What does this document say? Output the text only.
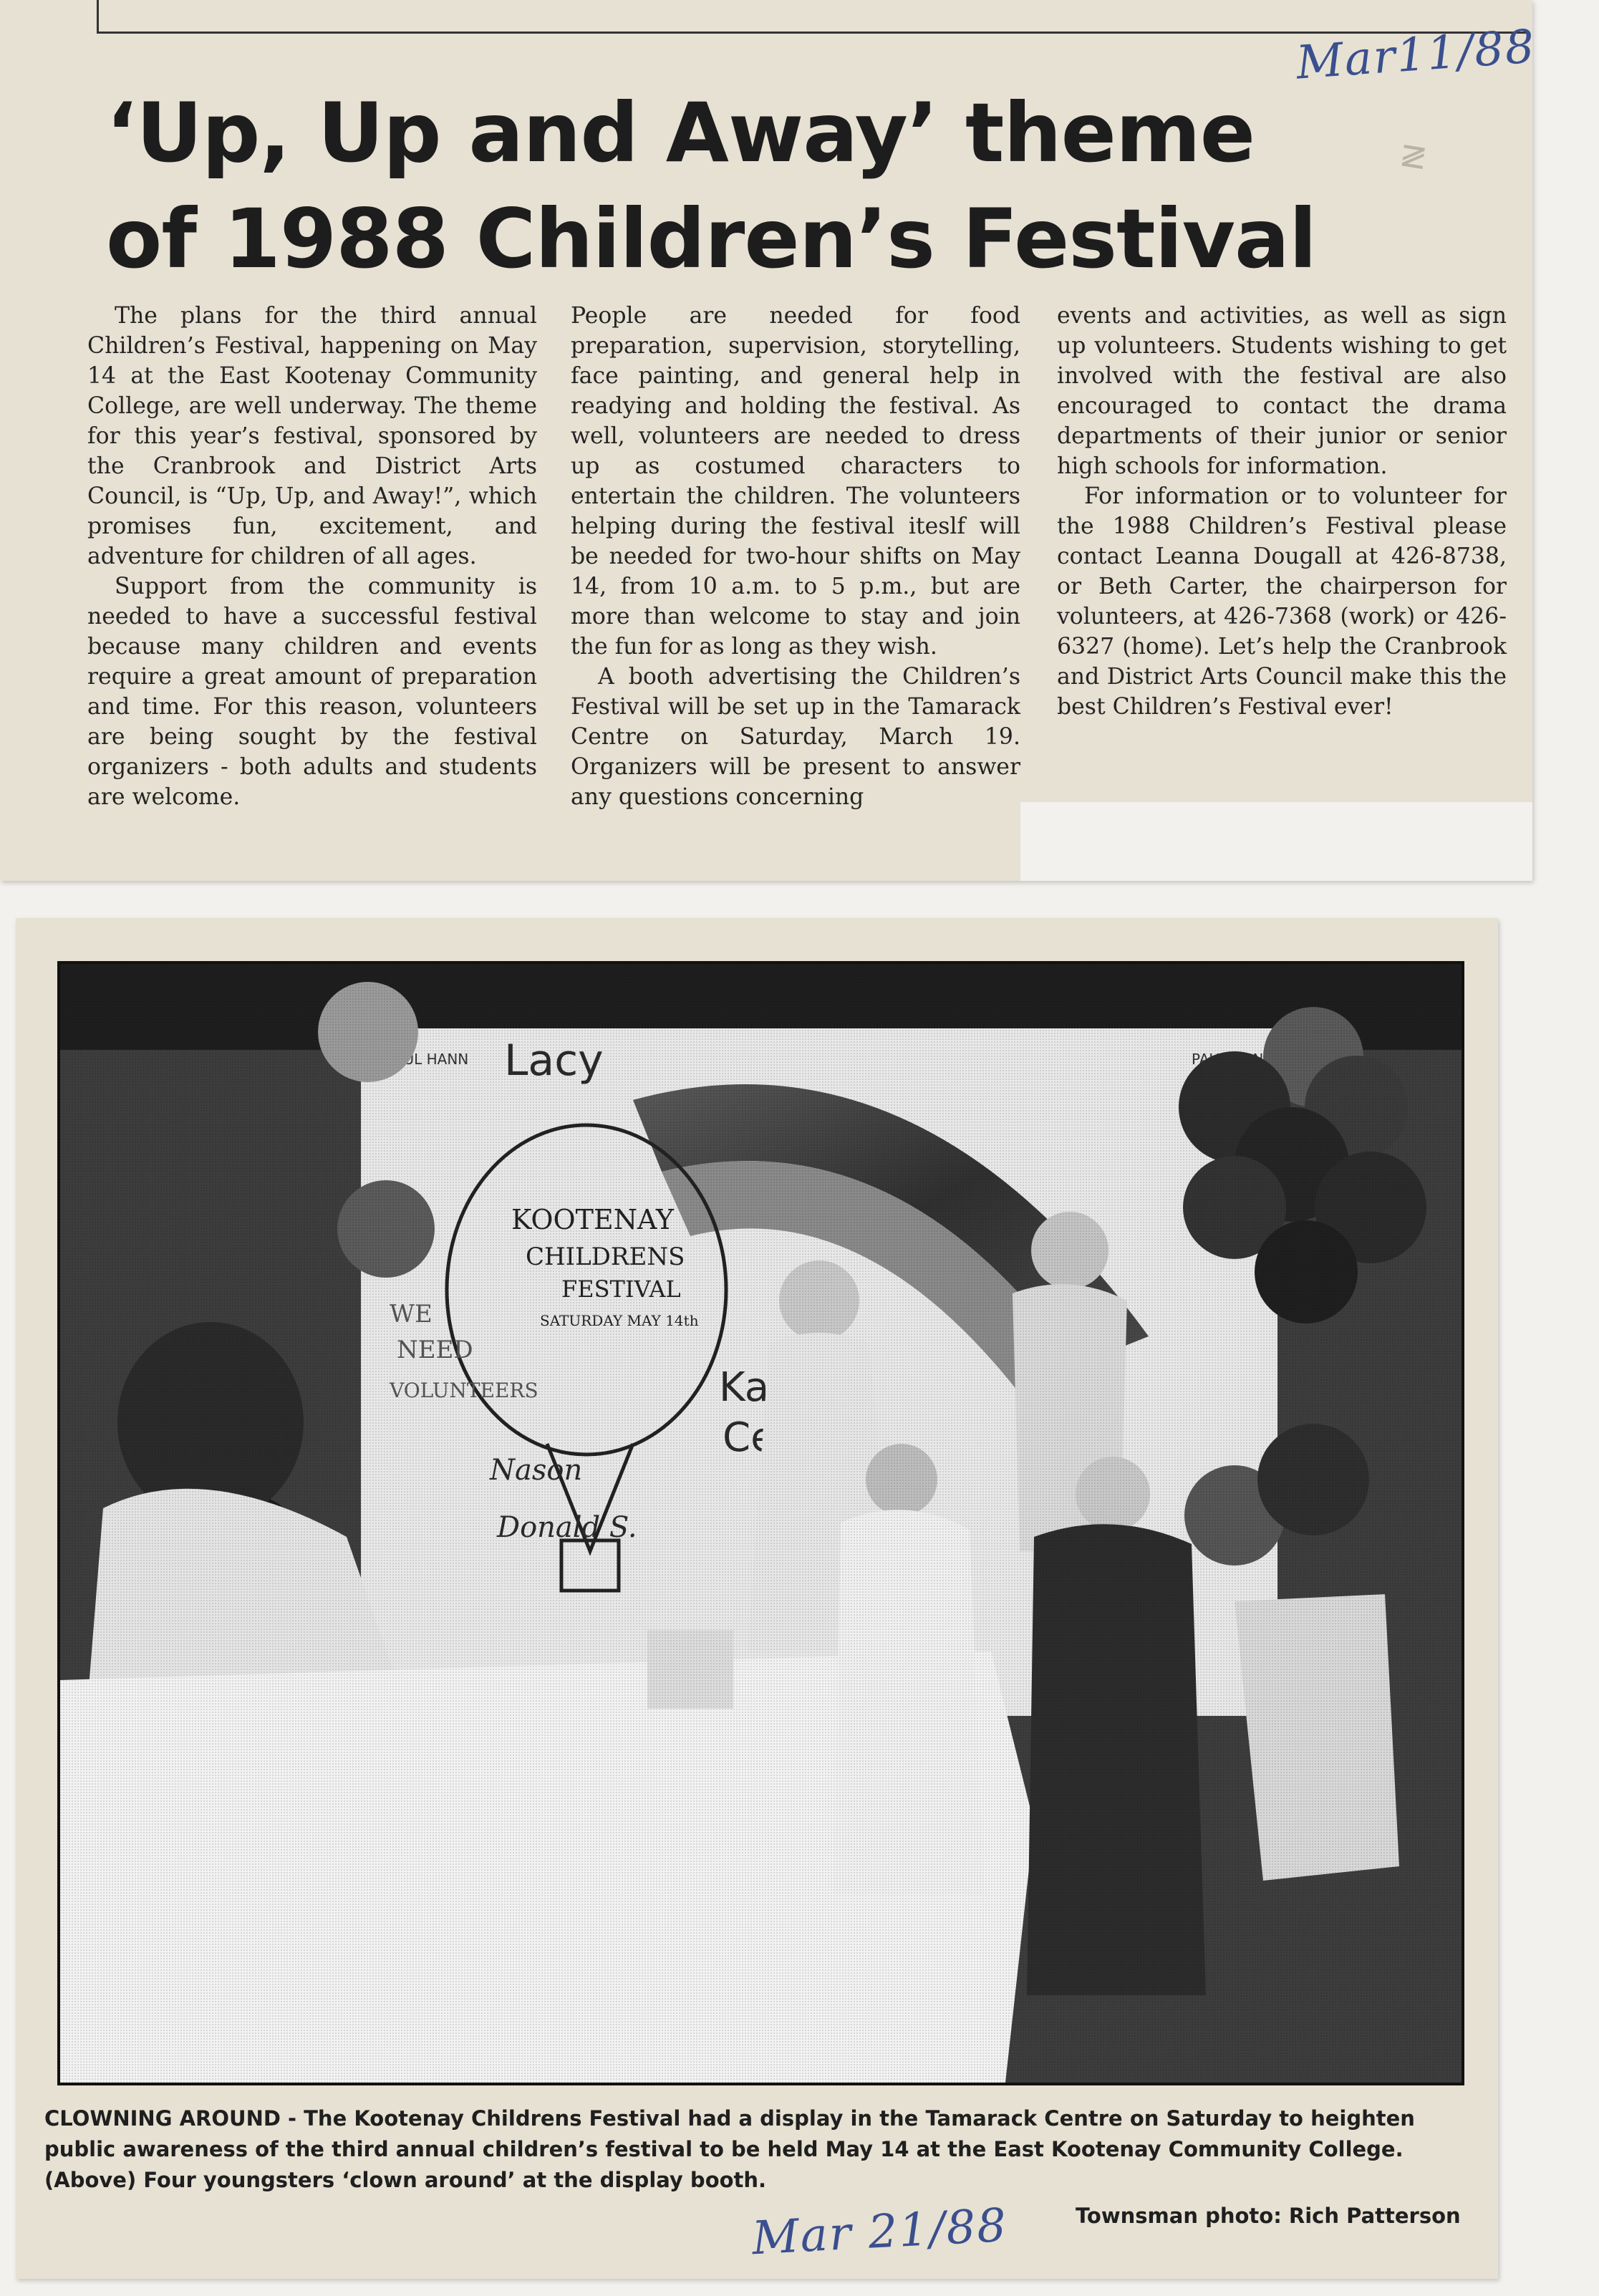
‘Up, Up and Away’ theme of 1988 Children’s Festival

The plans for the third annual Children’s Festival, happening on May 14 at the East Kootenay Community College, are well underway. The theme for this year’s festival, sponsored by the Cranbrook and District Arts Council, is “Up, Up, and Away!”, which promises fun, excitement, and adventure for children of all ages.

Support from the community is needed to have a successful festival because many children and events require a great amount of preparation and time. For this reason, volunteers are being sought by the festival organizers - both adults and students are welcome.

People are needed for food preparation, supervision, storytelling, face painting, and general help in readying and holding the festival. As well, volunteers are needed to dress up as costumed characters to entertain the children. The volunteers helping during the festival iteslf will be needed for two-hour shifts on May 14, from 10 a.m. to 5 p.m., but are more than welcome to stay and join the fun for as long as they wish.

A booth advertising the Children’s Festival will be set up in the Tamarack Centre on Saturday, March 19. Organizers will be present to answer any questions concerning

events and activities, as well as sign up volunteers. Students wishing to get involved with the festival are also encouraged to contact the drama departments of their junior or senior high schools for information.

For information or to volunteer for the 1988 Children’s Festival please contact Leanna Dougall at 426-8738, or Beth Carter, the chairperson for volunteers, at 426-7368 (work) or 426-6327 (home). Let’s help the Cranbrook and District Arts Council make this the best Children’s Festival ever!

Mar11/88
≷

CLOWNING AROUND - The Kootenay Childrens Festival had a display in the Tamarack Centre on Saturday to heighten public awareness of the third annual children’s festival to be held May 14 at the East Kootenay Community College. (Above) Four youngsters ‘clown around’ at the display booth.

Townsman photo: Rich Patterson

Mar 21/88
